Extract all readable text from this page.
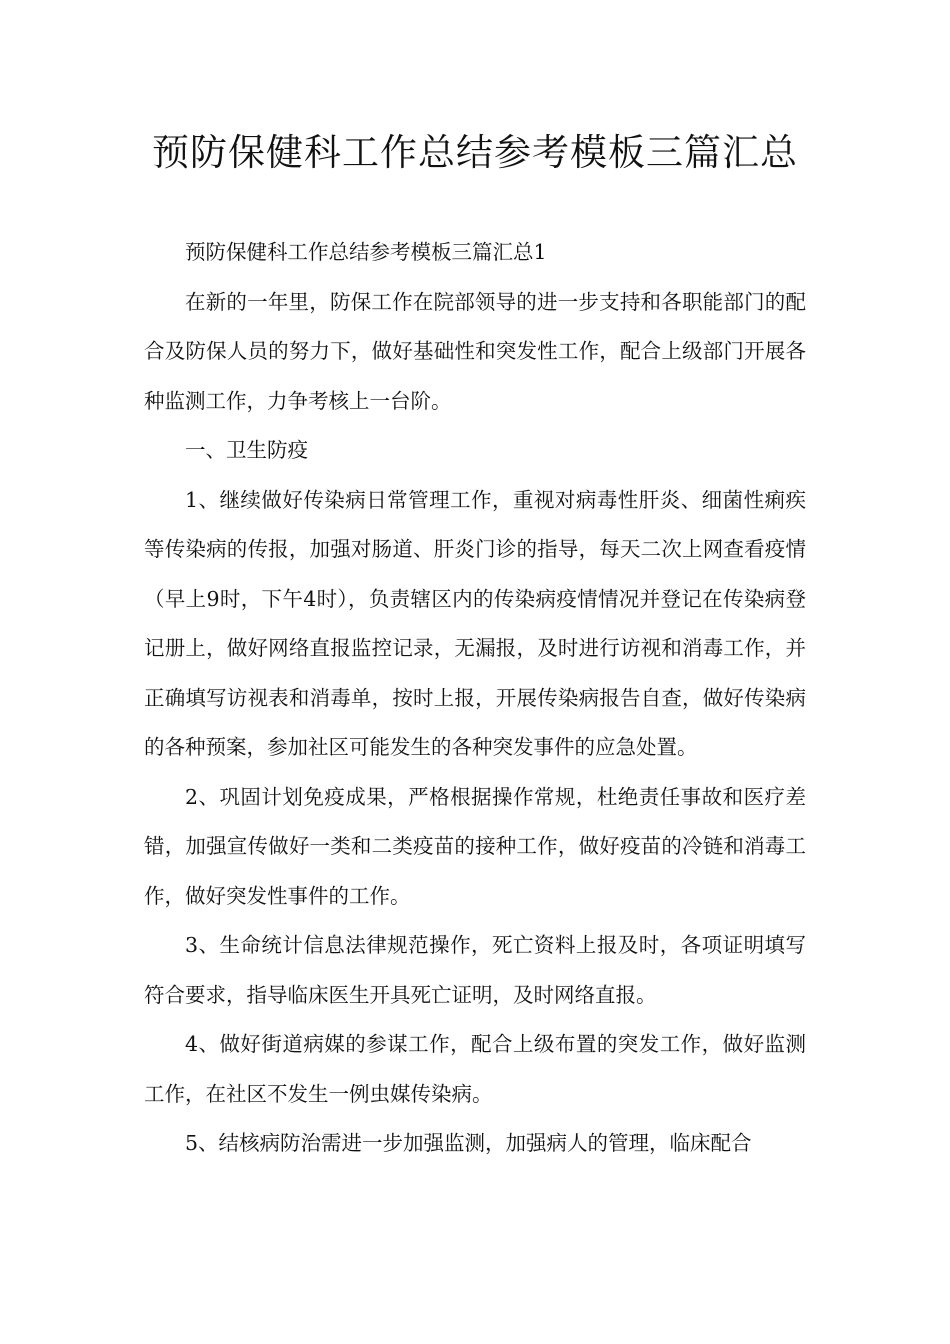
预防保健科工作总结参考模板三篇汇总

预防保健科工作总结参考模板三篇汇总1

在新的一年里，防保工作在院部领导的进一步支持和各职能部门的配合及防保人员的努力下，做好基础性和突发性工作，配合上级部门开展各种监测工作，力争考核上一台阶。

一、卫生防疫

1、继续做好传染病日常管理工作，重视对病毒性肝炎、细菌性痢疾等传染病的传报，加强对肠道、肝炎门诊的指导，每天二次上网查看疫情（早上9时，下午4时），负责辖区内的传染病疫情情况并登记在传染病登记册上，做好网络直报监控记录，无漏报，及时进行访视和消毒工作，并正确填写访视表和消毒单，按时上报，开展传染病报告自查，做好传染病的各种预案，参加社区可能发生的各种突发事件的应急处置。

2、巩固计划免疫成果，严格根据操作常规，杜绝责任事故和医疗差错，加强宣传做好一类和二类疫苗的接种工作，做好疫苗的冷链和消毒工作，做好突发性事件的工作。

3、生命统计信息法律规范操作，死亡资料上报及时，各项证明填写符合要求，指导临床医生开具死亡证明，及时网络直报。

4、做好街道病媒的参谋工作，配合上级布置的突发工作，做好监测工作，在社区不发生一例虫媒传染病。

5、结核病防治需进一步加强监测，加强病人的管理，临床配合
